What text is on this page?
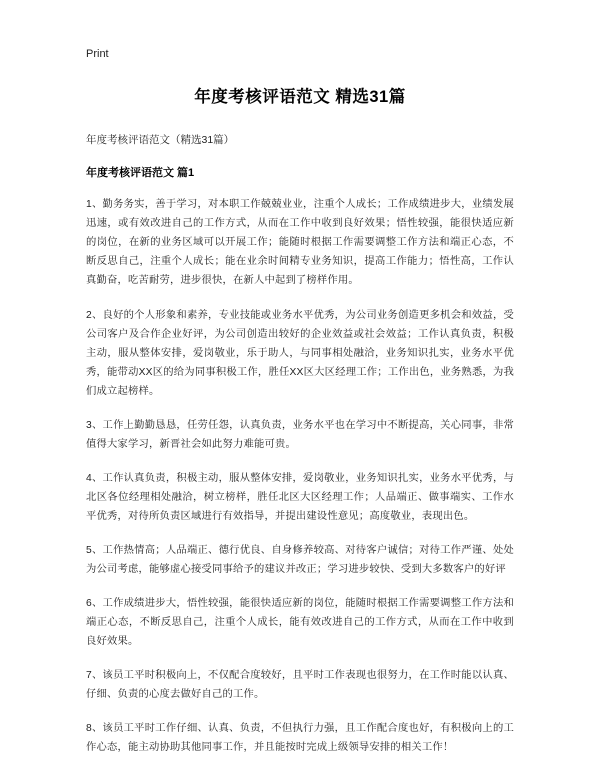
Print
年度考核评语范文 精选31篇
年度考核评语范文（精选31篇）
年度考核评语范文 篇1

1、勤务务实，善于学习，对本职工作兢兢业业，注重个人成长；工作成绩进步大，业绩发展迅速，或有效改进自己的工作方式，从而在工作中收到良好效果；悟性较强，能很快适应新的岗位，在新的业务区域可以开展工作；能随时根据工作需要调整工作方法和端正心态，不断反思自己，注重个人成长；能在业余时间精专业务知识，提高工作能力；悟性高，工作认真勤奋，吃苦耐劳，进步很快，在新人中起到了榜样作用。

2、良好的个人形象和素养，专业技能或业务水平优秀，为公司业务创造更多机会和效益，受公司客户及合作企业好评，为公司创造出较好的企业效益或社会效益；工作认真负责，积极主动，服从整体安排，爱岗敬业，乐于助人，与同事相处融洽，业务知识扎实，业务水平优秀，能带动XX区的给为同事积极工作，胜任XX区大区经理工作；工作出色，业务熟悉，为我们成立起榜样。

3、工作上勤勤恳恳，任劳任怨，认真负责，业务水平也在学习中不断提高，关心同事，非常值得大家学习，新晋社会如此努力难能可贵。

4、工作认真负责，积极主动，服从整体安排，爱岗敬业，业务知识扎实，业务水平优秀，与北区各位经理相处融洽，树立榜样，胜任北区大区经理工作；人品端正、做事端实、工作水平优秀，对待所负责区域进行有效指导，并提出建设性意见；高度敬业，表现出色。

5、工作热情高；人品端正、德行优良、自身修养较高、对待客户诚信；对待工作严谨、处处为公司考虑，能够虚心接受同事给予的建议并改正；学习进步较快、受到大多数客户的好评

6、工作成绩进步大，悟性较强，能很快适应新的岗位，能随时根据工作需要调整工作方法和端正心态，不断反思自己，注重个人成长，能有效改进自己的工作方式，从而在工作中收到良好效果。

7、该员工平时积极向上，不仅配合度较好，且平时工作表现也很努力，在工作时能以认真、仔细、负责的心度去做好自己的工作。

8、该员工平时工作仔细、认真、负责，不但执行力强，且工作配合度也好，有积极向上的工作心态，能主动协助其他同事工作，并且能按时完成上级领导安排的相关工作！
